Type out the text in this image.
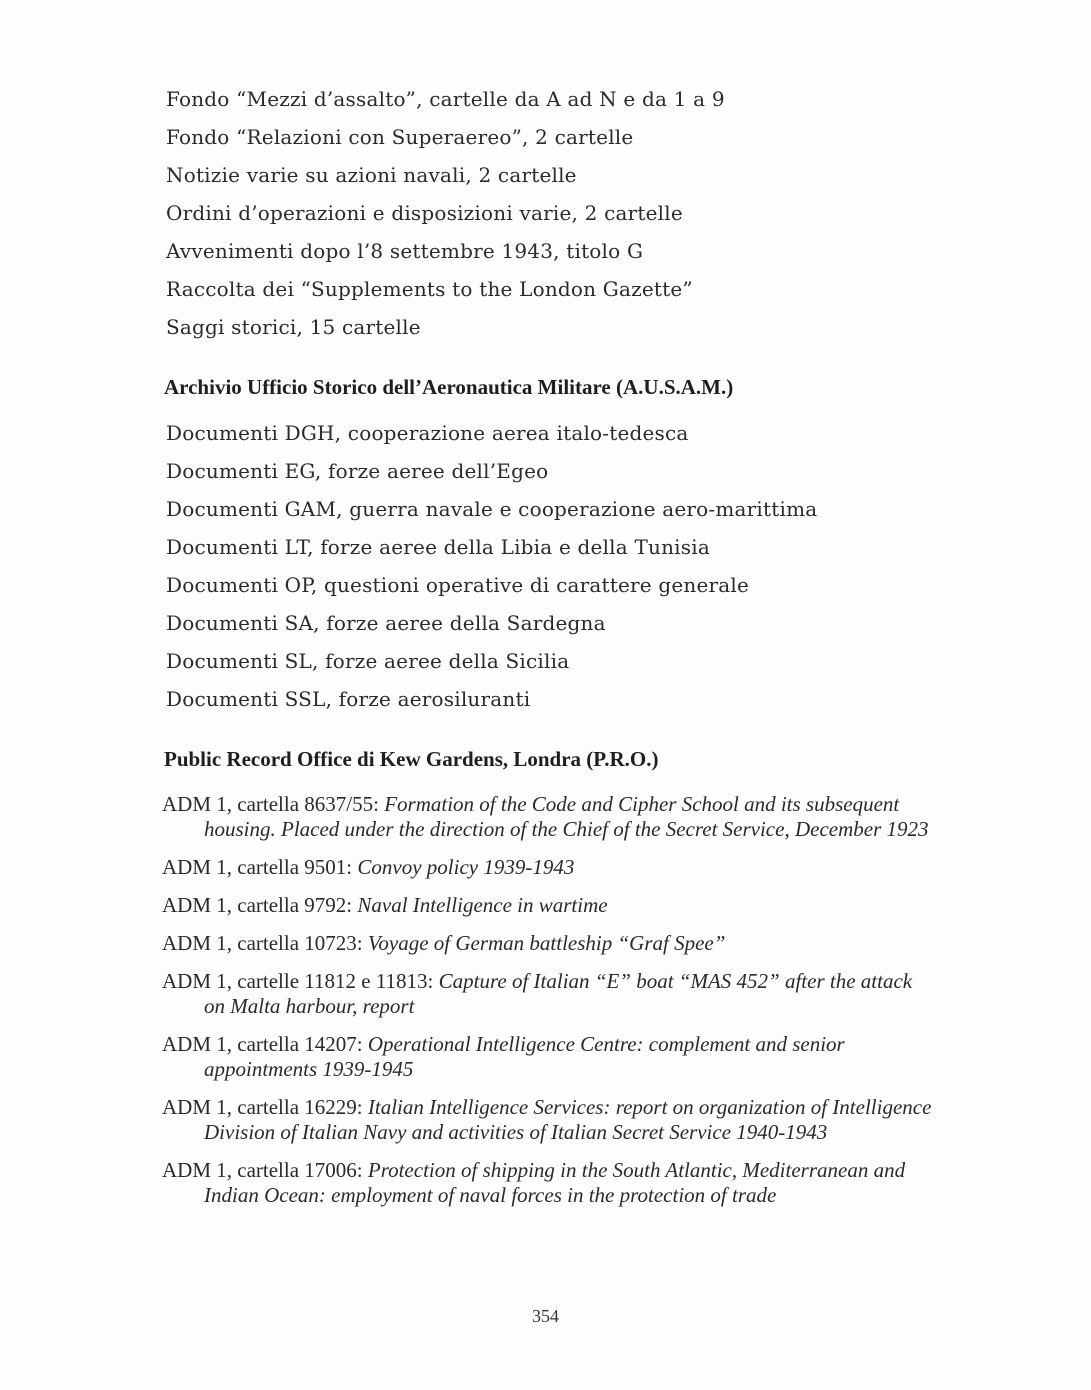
Fondo “Mezzi d’assalto”, cartelle da A ad N e da 1 a 9
Fondo “Relazioni con Superaereo”, 2 cartelle
Notizie varie su azioni navali, 2 cartelle
Ordini d’operazioni e disposizioni varie, 2 cartelle
Avvenimenti dopo l’8 settembre 1943, titolo G
Raccolta dei “Supplements to the London Gazette”
Saggi storici, 15 cartelle
Archivio Ufficio Storico dell’Aeronautica Militare (A.U.S.A.M.)
Documenti DGH, cooperazione aerea italo-tedesca
Documenti EG, forze aeree dell’Egeo
Documenti GAM, guerra navale e cooperazione aero-marittima
Documenti LT, forze aeree della Libia e della Tunisia
Documenti OP, questioni operative di carattere generale
Documenti SA, forze aeree della Sardegna
Documenti SL, forze aeree della Sicilia
Documenti SSL, forze aerosiluranti
Public Record Office di Kew Gardens, Londra (P.R.O.)
ADM 1, cartella 8637/55: Formation of the Code and Cipher School and its subsequent housing. Placed under the direction of the Chief of the Secret Service, December 1923
ADM 1, cartella 9501: Convoy policy 1939-1943
ADM 1, cartella 9792: Naval Intelligence in wartime
ADM 1, cartella 10723: Voyage of German battleship “Graf Spee”
ADM 1, cartelle 11812 e 11813: Capture of Italian “E” boat “MAS 452” after the attack on Malta harbour, report
ADM 1, cartella 14207: Operational Intelligence Centre: complement and senior appointments 1939-1945
ADM 1, cartella 16229: Italian Intelligence Services: report on organization of Intelligence Division of Italian Navy and activities of Italian Secret Service 1940-1943
ADM 1, cartella 17006: Protection of shipping in the South Atlantic, Mediterranean and Indian Ocean: employment of naval forces in the protection of trade
354
